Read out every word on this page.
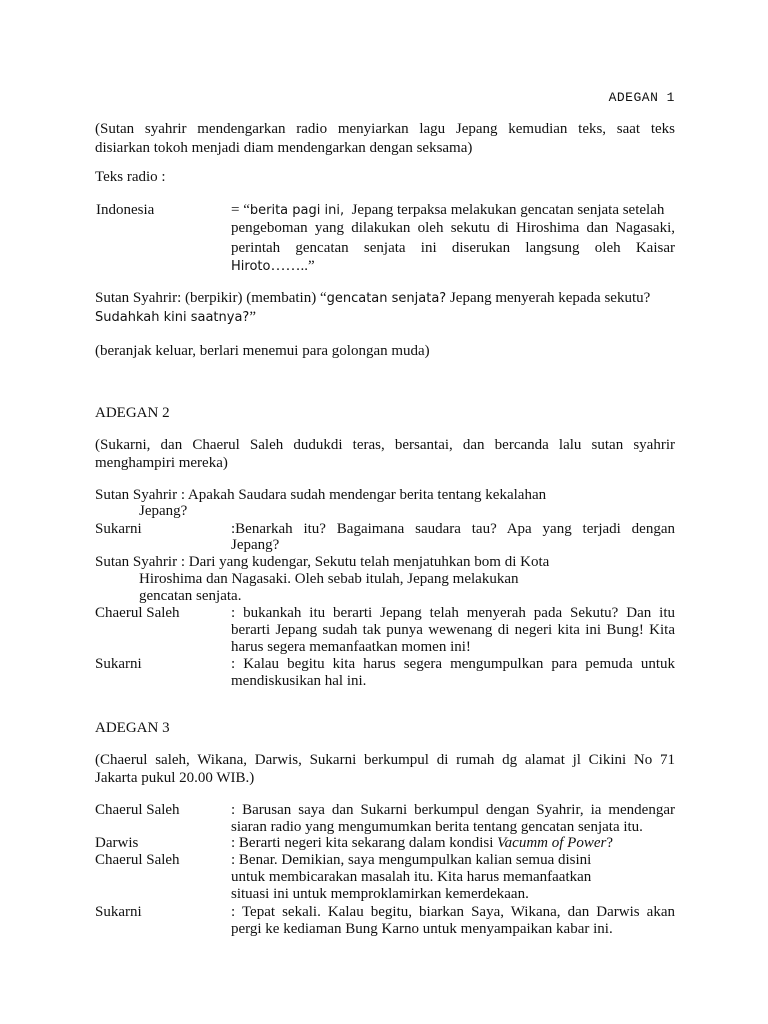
ADEGAN 1
(Sutan syahrir mendengarkan radio menyiarkan lagu Jepang kemudian teks, saat teks
disiarkan tokoh menjadi diam mendengarkan dengan seksama)
Teks radio :
Indonesia	= “berita pagi ini, Jepang terpaksa melakukan gencatan senjata setelah
pengeboman yang dilakukan oleh sekutu di Hiroshima dan Nagasaki,
perintah gencatan senjata ini diserukan langsung oleh Kaisar
Hiroto……..”
Sutan Syahrir: (berpikir) (membatin) “gencatan senjata? Jepang menyerah kepada sekutu?
Sudahkah kini saatnya?”
(beranjak keluar, berlari menemui para golongan muda)
ADEGAN 2
(Sukarni, dan Chaerul Saleh dudukdi teras, bersantai, dan bercanda lalu sutan syahrir
menghampiri mereka)
Sutan Syahrir : Apakah Saudara sudah mendengar berita tentang kekalahan
Jepang?
Sukarni	:Benarkah itu? Bagaimana saudara tau? Apa yang terjadi dengan
Jepang?
Sutan Syahrir : Dari yang kudengar, Sekutu telah menjatuhkan bom di Kota
Hiroshima dan Nagasaki. Oleh sebab itulah, Jepang melakukan
gencatan senjata.
Chaerul Saleh	: bukankah itu berarti Jepang telah menyerah pada Sekutu? Dan itu
berarti Jepang sudah tak punya wewenang di negeri kita ini Bung! Kita
harus segera memanfaatkan momen ini!
Sukarni	: Kalau begitu kita harus segera mengumpulkan para pemuda untuk
mendiskusikan hal ini.
ADEGAN 3
(Chaerul saleh, Wikana, Darwis, Sukarni berkumpul di rumah dg alamat jl Cikini No 71
Jakarta pukul 20.00 WIB.)
Chaerul Saleh	: Barusan saya dan Sukarni berkumpul dengan Syahrir, ia mendengar
siaran radio yang mengumumkan berita tentang gencatan senjata itu.
Darwis	: Berarti negeri kita sekarang dalam kondisi Vacumm of Power?
Chaerul Saleh	: Benar. Demikian, saya mengumpulkan kalian semua disini
untuk membicarakan masalah itu. Kita harus memanfaatkan
situasi ini untuk memproklamirkan kemerdekaan.
Sukarni	: Tepat sekali. Kalau begitu, biarkan Saya, Wikana, dan Darwis akan
pergi ke kediaman Bung Karno untuk menyampaikan kabar ini.
